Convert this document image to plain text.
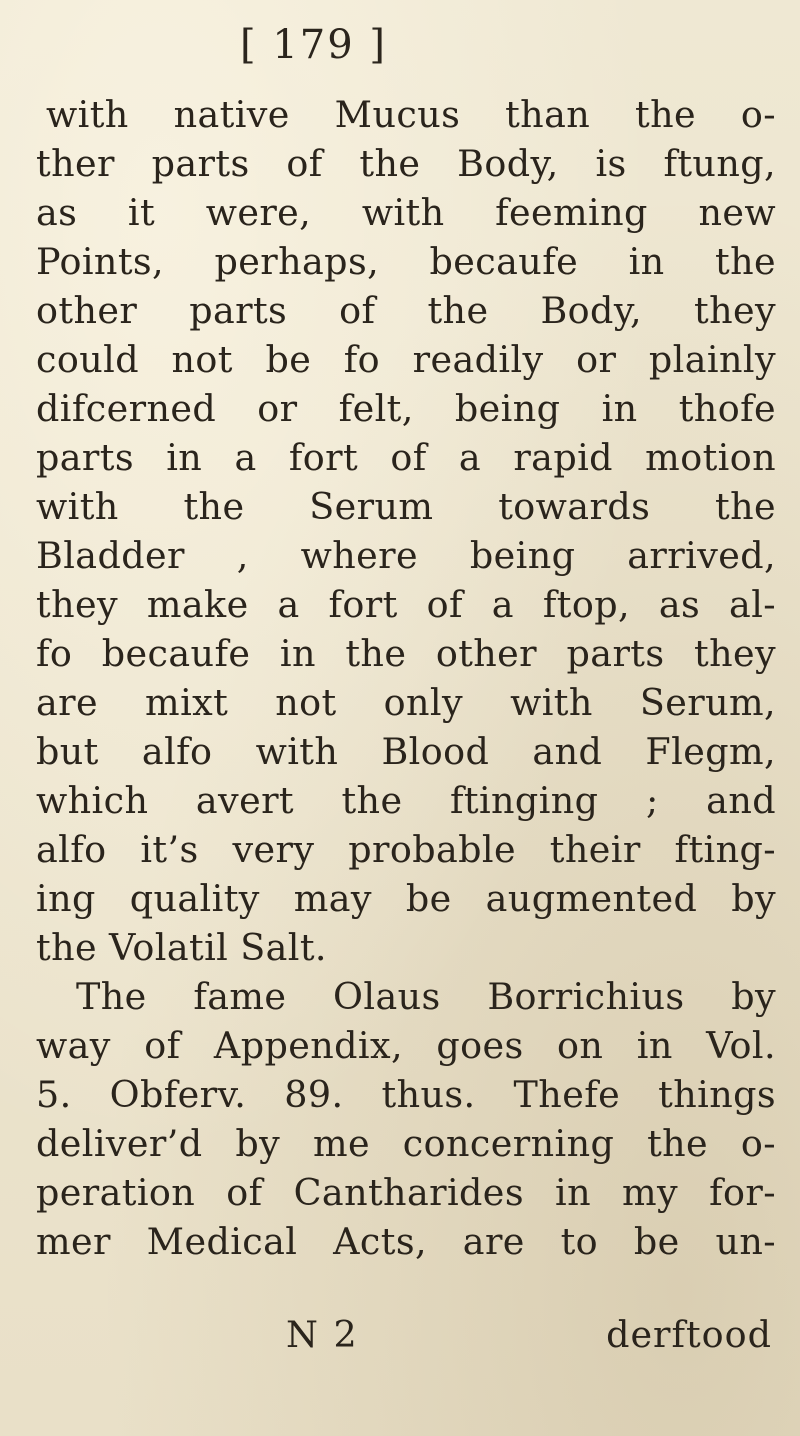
[ 179 ]
with native Mucus than the o-
ther parts of the Body, is ftung,
as it were, with feeming new
Points, perhaps, becaufe in the
other parts of the Body, they
could not be fo readily or plainly
difcerned or felt, being in thofe
parts in a fort of a rapid motion
with the Serum towards the
Bladder , where being arrived,
they make a fort of a ftop, as al-
fo becaufe in the other parts they
are mixt not only with Serum,
but alfo with Blood and Flegm,
which avert the ftinging ; and
alfo it’s very probable their fting-
ing quality may be augmented by
the Volatil Salt.
The fame Olaus Borrichius by
way of Appendix, goes on in Vol.
5. Obferv. 89. thus. Thefe things
deliver’d by me concerning the o-
peration of Cantharides in my for-
mer Medical Acts, are to be un-
N 2	derftood
